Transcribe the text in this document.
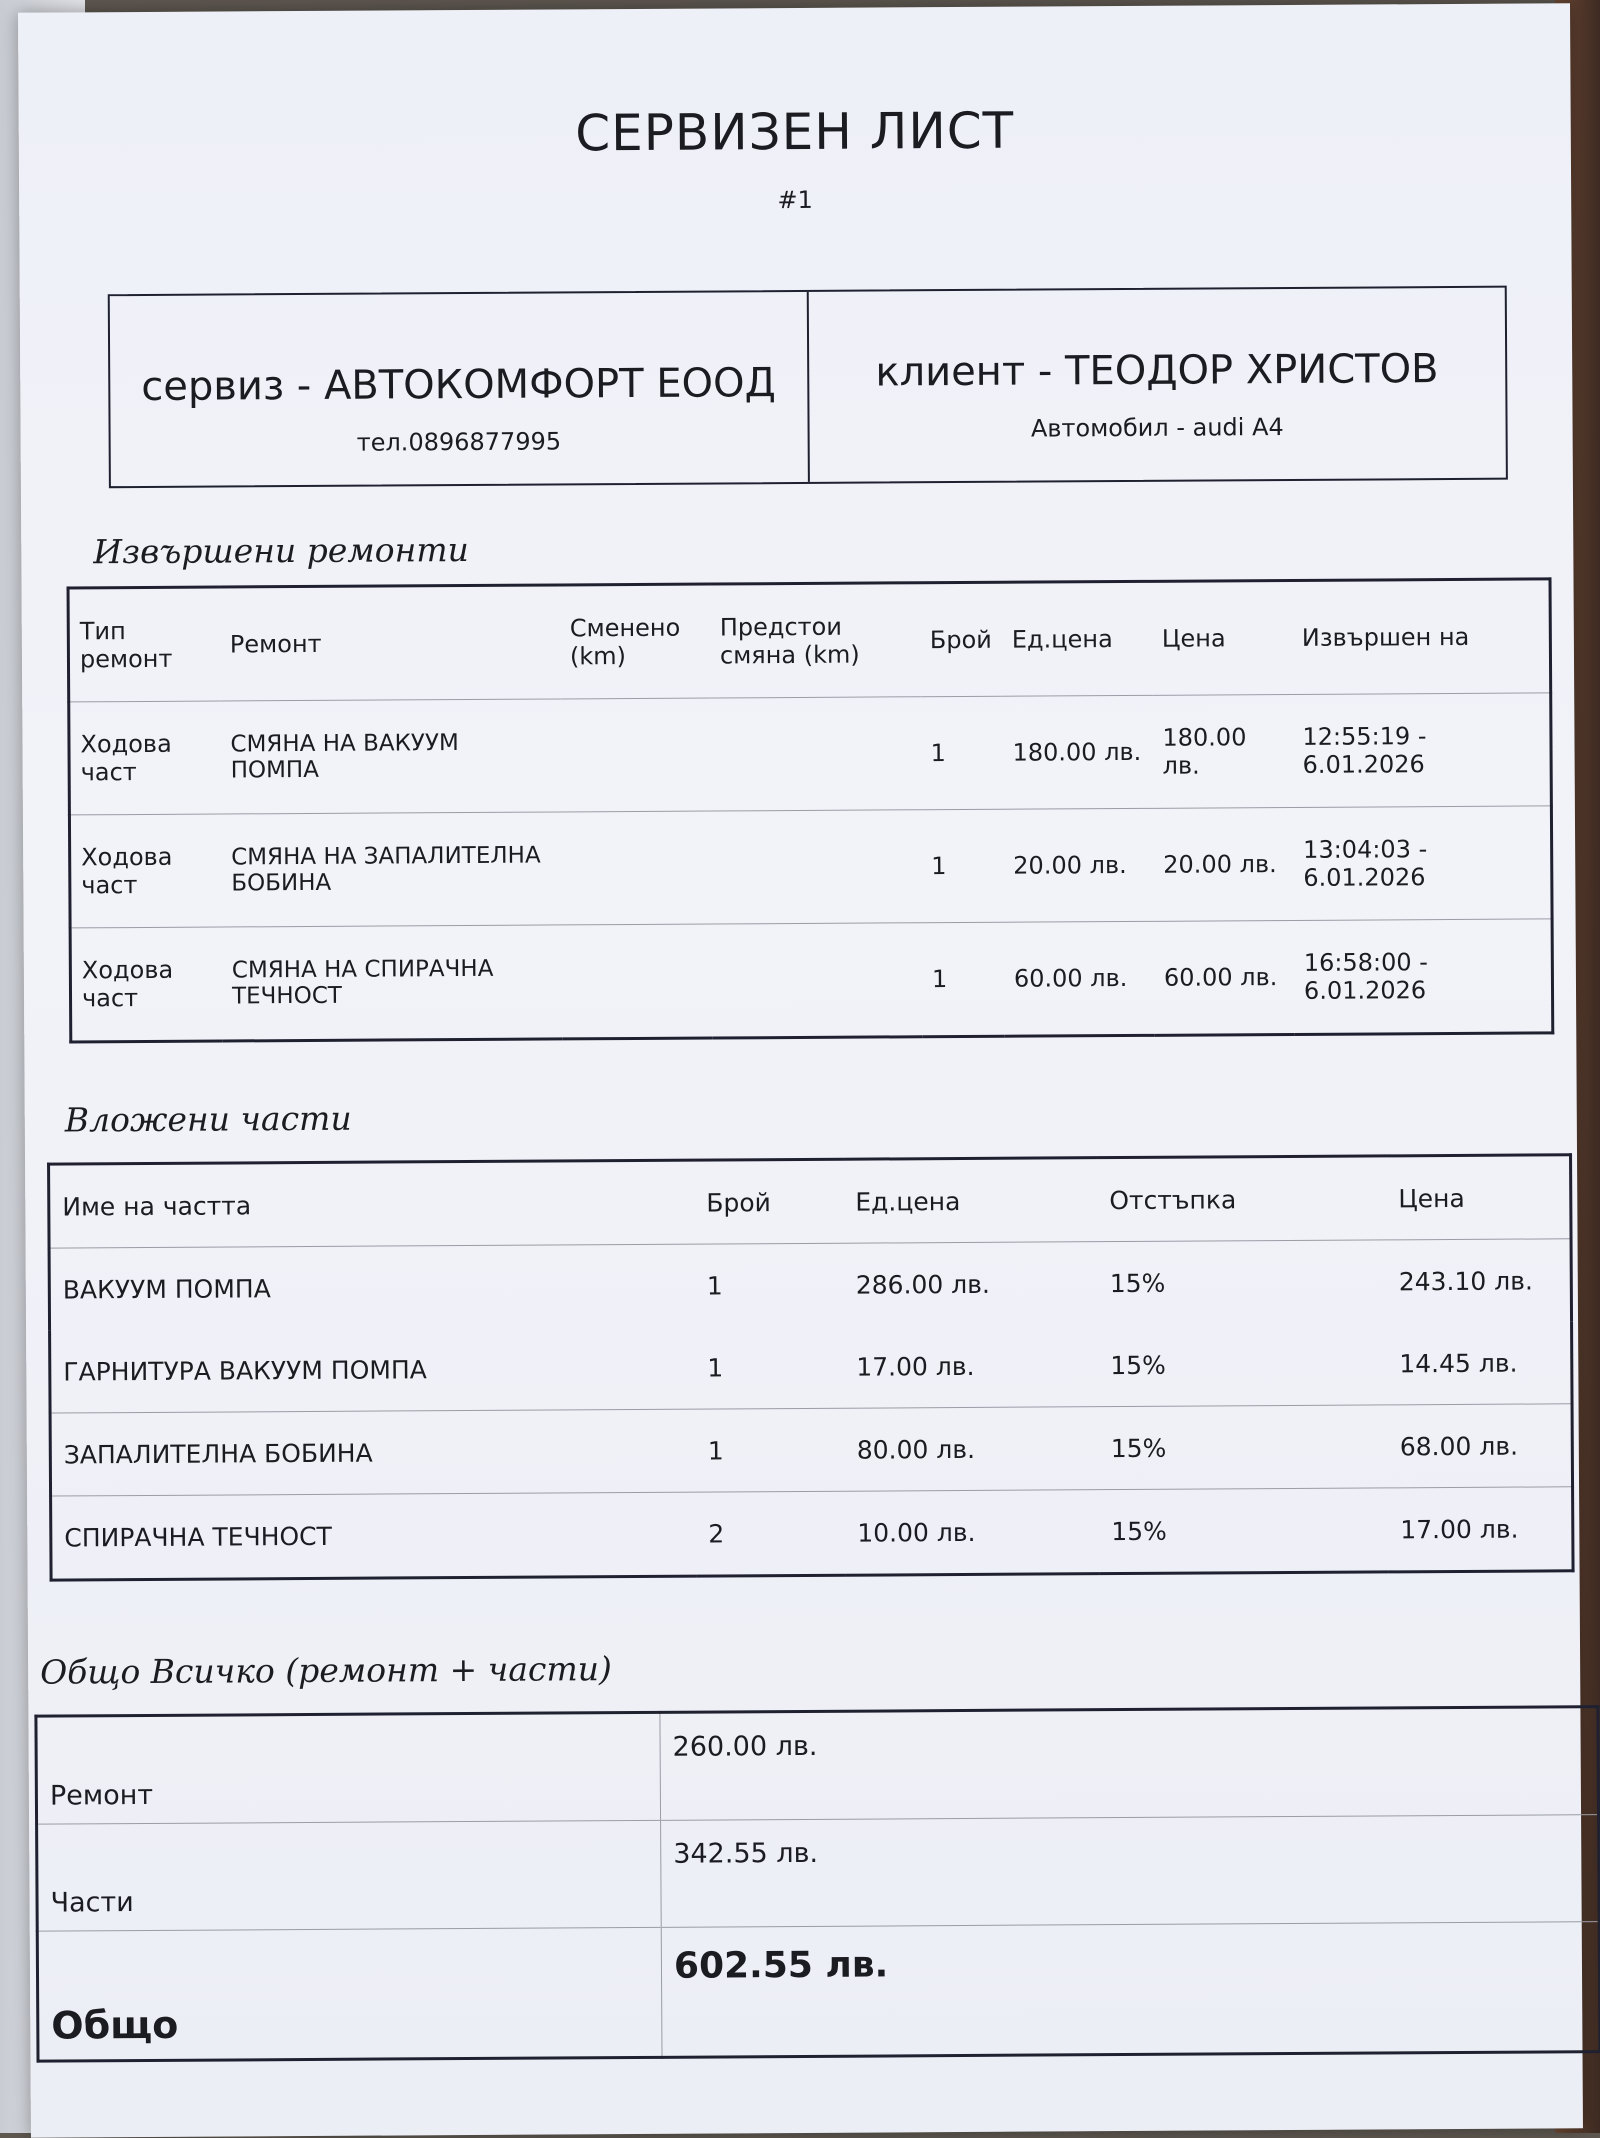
СЕРВИЗЕН ЛИСТ
#1
сервиз - АВТОКОМФОРТ ЕООД
тел.0896877995
клиент - ТЕОДОР ХРИСТОВ
Автомобил - audi A4
Извършени ремонти
Тип ремонт	Ремонт	Сменено (km)	Предстои смяна (km)	Брой	Ед.цена	Цена	Извършен на
Ходова част	СМЯНА НА ВАКУУМ ПОМПА			1	180.00 лв.	180.00 лв.	12:55:19 - 6.01.2026
Ходова част	СМЯНА НА ЗАПАЛИТЕЛНА БОБИНА			1	20.00 лв.	20.00 лв.	13:04:03 - 6.01.2026
Ходова част	СМЯНА НА СПИРАЧНА ТЕЧНОСТ			1	60.00 лв.	60.00 лв.	16:58:00 - 6.01.2026
Вложени части
Име на частта	Брой	Ед.цена	Отстъпка	Цена
ВАКУУМ ПОМПА	1	286.00 лв.	15%	243.10 лв.
ГАРНИТУРА ВАКУУМ ПОМПА	1	17.00 лв.	15%	14.45 лв.
ЗАПАЛИТЕЛНА БОБИНА	1	80.00 лв.	15%	68.00 лв.
СПИРАЧНА ТЕЧНОСТ	2	10.00 лв.	15%	17.00 лв.
Общо Всичко (ремонт + части)
Ремонт	260.00 лв.
Части	342.55 лв.
Общо	602.55 лв.
